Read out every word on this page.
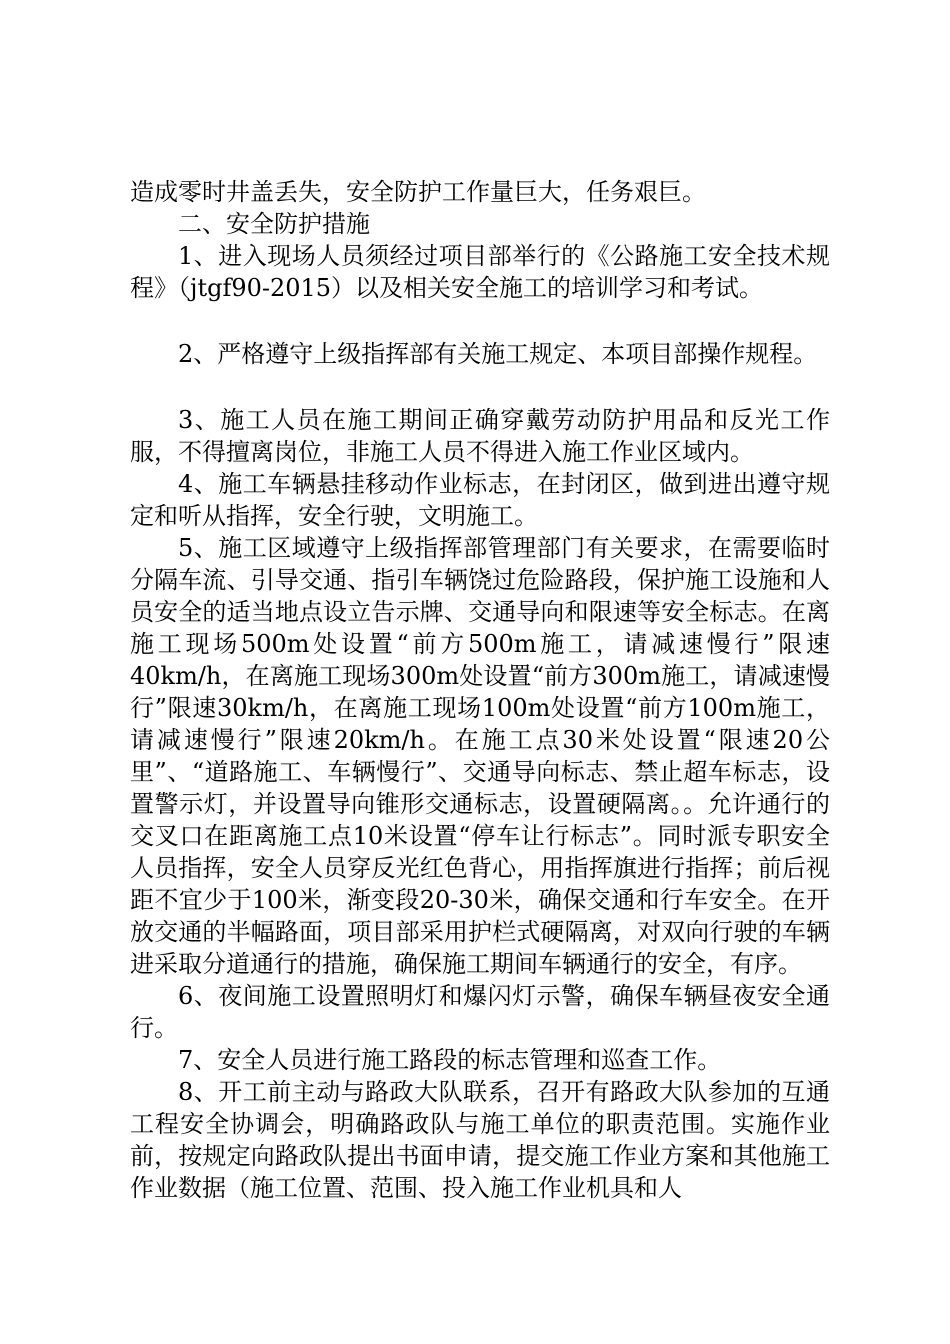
造成零时井盖丢失，安全防护工作量巨大，任务艰巨。

二、安全防护措施

1、进入现场人员须经过项目部举行的《公路施工安全技术规程》（jtgf90-2015）以及相关安全施工的培训学习和考试。

2、严格遵守上级指挥部有关施工规定、本项目部操作规程。

3、施工人员在施工期间正确穿戴劳动防护用品和反光工作服，不得擅离岗位，非施工人员不得进入施工作业区域内。

4、施工车辆悬挂移动作业标志，在封闭区，做到进出遵守规定和听从指挥，安全行驶，文明施工。

5、施工区域遵守上级指挥部管理部门有关要求，在需要临时分隔车流、引导交通、指引车辆饶过危险路段，保护施工设施和人员安全的适当地点设立告示牌、交通导向和限速等安全标志。在离施工现场500m处设置“前方500m施工，请减速慢行”限速40km/h，在离施工现场300m处设置“前方300m施工，请减速慢行”限速30km/h，在离施工现场100m处设置“前方100m施工，请减速慢行”限速20km/h。在施工点30米处设置“限速20公里”、“道路施工、车辆慢行”、交通导向标志、禁止超车标志，设置警示灯，并设置导向锥形交通标志，设置硬隔离。。允许通行的交叉口在距离施工点10米设置“停车让行标志”。同时派专职安全人员指挥，安全人员穿反光红色背心，用指挥旗进行指挥；前后视距不宜少于100米，渐变段20-30米，确保交通和行车安全。在开放交通的半幅路面，项目部采用护栏式硬隔离，对双向行驶的车辆进采取分道通行的措施，确保施工期间车辆通行的安全，有序。

6、夜间施工设置照明灯和爆闪灯示警，确保车辆昼夜安全通行。

7、安全人员进行施工路段的标志管理和巡查工作。

8、开工前主动与路政大队联系，召开有路政大队参加的互通工程安全协调会，明确路政队与施工单位的职责范围。实施作业前，按规定向路政队提出书面申请，提交施工作业方案和其他施工作业数据（施工位置、范围、投入施工作业机具和人
